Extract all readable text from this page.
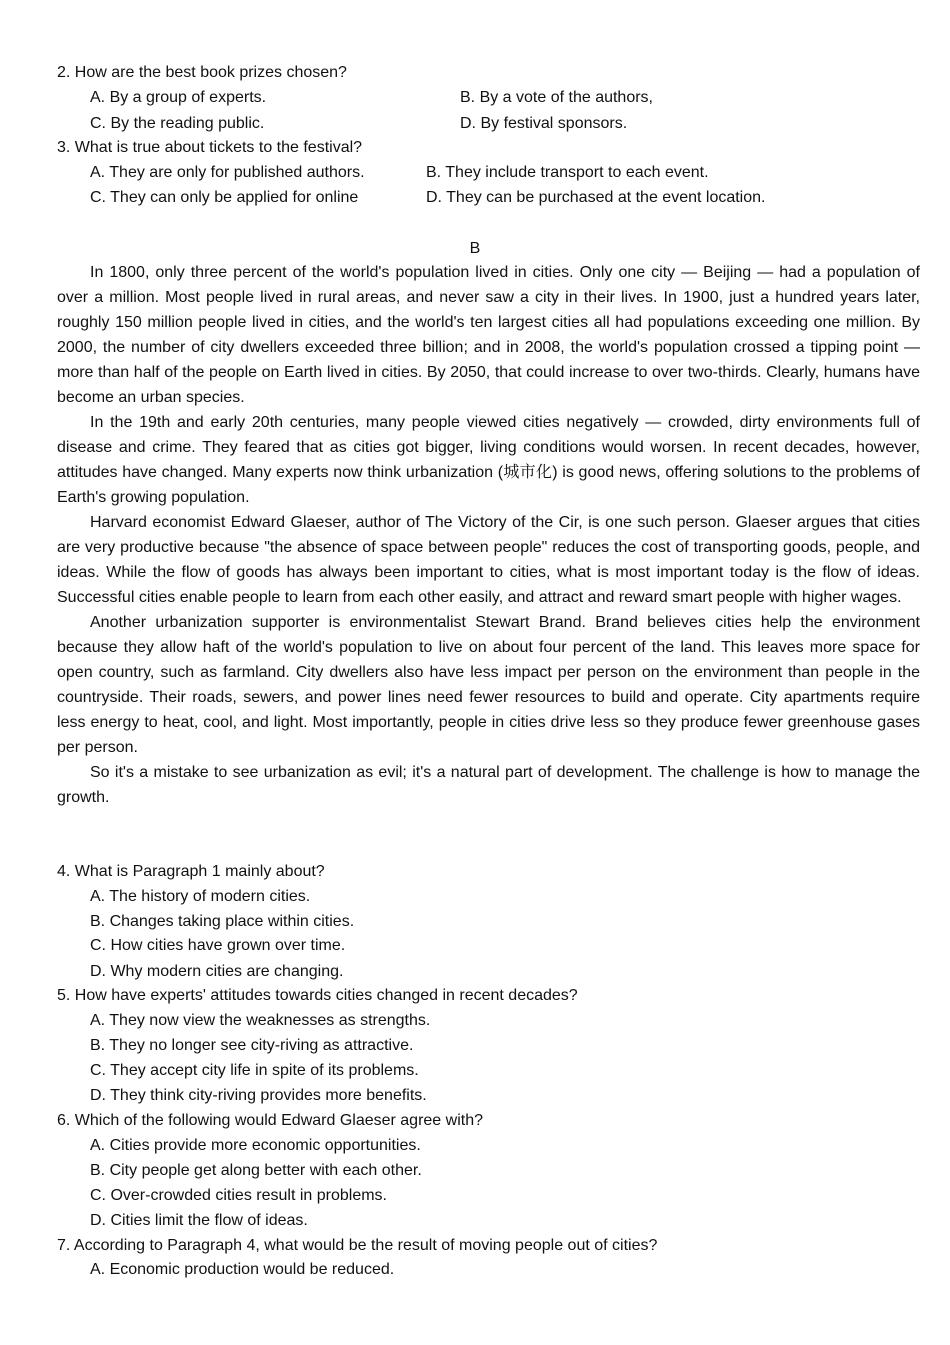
2. How are the best book prizes chosen?
A. By a group of experts.	B. By a vote of the authors,
C. By the reading public.	D. By festival sponsors.
3. What is true about tickets to the festival?
A. They are only for published authors.	B. They include transport to each event.
C. They can only be applied for online	D. They can be purchased at the event location.
B

In 1800, only three percent of the world's population lived in cities. Only one city — Beijing — had a population of over a million. Most people lived in rural areas, and never saw a city in their lives. In 1900, just a hundred years later, roughly 150 million people lived in cities, and the world's ten largest cities all had populations exceeding one million. By 2000, the number of city dwellers exceeded three billion; and in 2008, the world's population crossed a tipping point — more than half of the people on Earth lived in cities. By 2050, that could increase to over two-thirds. Clearly, humans have become an urban species.

In the 19th and early 20th centuries, many people viewed cities negatively — crowded, dirty environments full of disease and crime. They feared that as cities got bigger, living conditions would worsen. In recent decades, however, attitudes have changed. Many experts now think urbanization (城市化) is good news, offering solutions to the problems of Earth's growing population.

Harvard economist Edward Glaeser, author of The Victory of the Cir, is one such person. Glaeser argues that cities are very productive because "the absence of space between people" reduces the cost of transporting goods, people, and ideas. While the flow of goods has always been important to cities, what is most important today is the flow of ideas. Successful cities enable people to learn from each other easily, and attract and reward smart people with higher wages.

Another urbanization supporter is environmentalist Stewart Brand. Brand believes cities help the environment because they allow haft of the world's population to live on about four percent of the land. This leaves more space for open country, such as farmland. City dwellers also have less impact per person on the environment than people in the countryside. Their roads, sewers, and power lines need fewer resources to build and operate. City apartments require less energy to heat, cool, and light. Most importantly, people in cities drive less so they produce fewer greenhouse gases per person.

So it's a mistake to see urbanization as evil; it's a natural part of development. The challenge is how to manage the growth.

4. What is Paragraph 1 mainly about?
A. The history of modern cities.
B. Changes taking place within cities.
C. How cities have grown over time.
D. Why modern cities are changing.
5. How have experts' attitudes towards cities changed in recent decades?
A. They now view the weaknesses as strengths.
B. They no longer see city-riving as attractive.
C. They accept city life in spite of its problems.
D. They think city-riving provides more benefits.
6. Which of the following would Edward Glaeser agree with?
A. Cities provide more economic opportunities.
B. City people get along better with each other.
C. Over-crowded cities result in problems.
D. Cities limit the flow of ideas.
7. According to Paragraph 4, what would be the result of moving people out of cities?
A. Economic production would be reduced.
